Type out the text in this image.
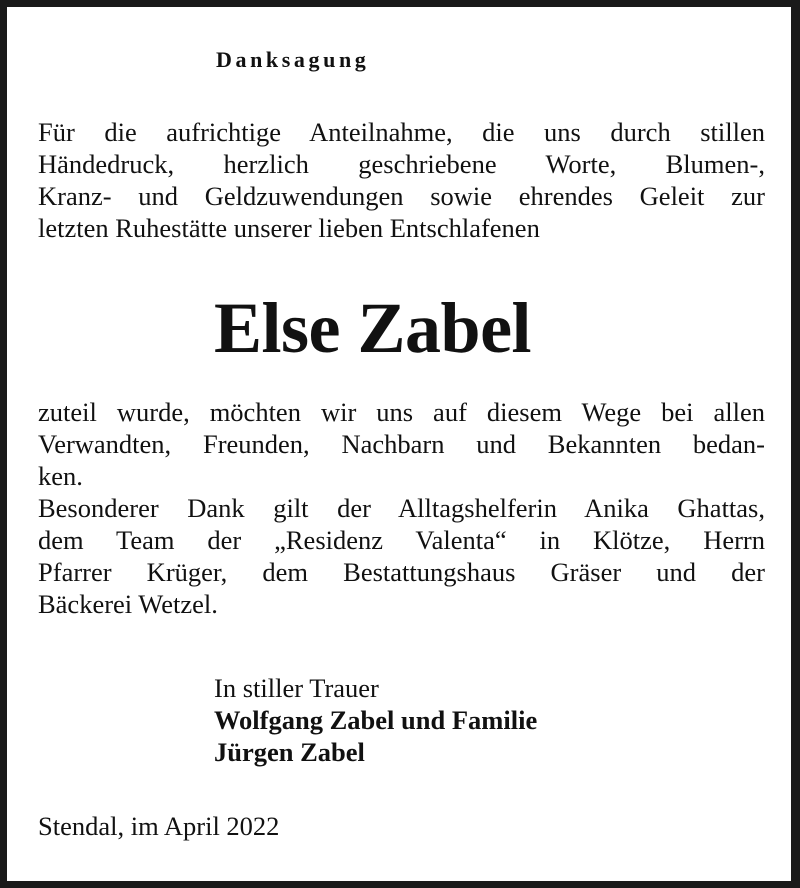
Danksagung
Für die aufrichtige Anteilnahme, die uns durch stillen
Händedruck, herzlich geschriebene Worte, Blumen-,
Kranz- und Geldzuwendungen sowie ehrendes Geleit zur
letzten Ruhestätte unserer lieben Entschlafenen
Else Zabel
zuteil wurde, möchten wir uns auf diesem Wege bei allen
Verwandten, Freunden, Nachbarn und Bekannten bedan-
ken.
Besonderer Dank gilt der Alltagshelferin Anika Ghattas,
dem Team der „Residenz Valenta“ in Klötze, Herrn
Pfarrer Krüger, dem Bestattungshaus Gräser und der
Bäckerei Wetzel.
In stiller Trauer
Wolfgang Zabel und Familie
Jürgen Zabel
Stendal, im April 2022
